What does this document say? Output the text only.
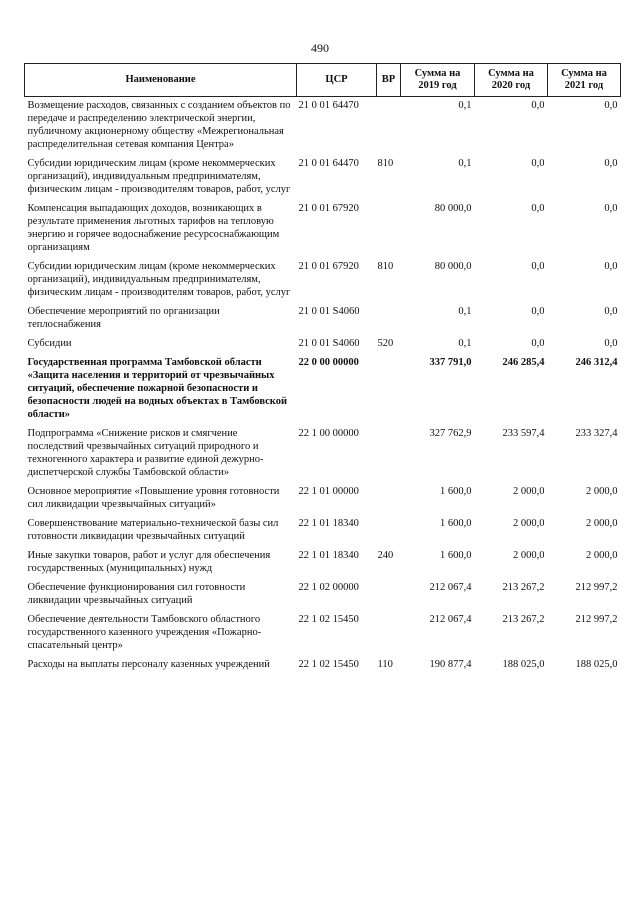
490
Наименование	ЦСР	ВР	Сумма на 2019 год	Сумма на 2020 год	Сумма на 2021 год
Возмещение расходов, связанных с созданием объектов по передаче и распределению электрической энергии, публичному акционерному обществу «Межрегиональная распределительная сетевая компания Центра»	21 0 01 64470		0,1	0,0	0,0
Субсидии юридическим лицам (кроме некоммерческих организаций), индивидуальным предпринимателям, физическим лицам - производителям товаров, работ, услуг	21 0 01 64470	810	0,1	0,0	0,0
Компенсация выпадающих доходов, возникающих в результате применения льготных тарифов на тепловую энергию и горячее водоснабжение ресурсоснабжающим организациям	21 0 01 67920		80 000,0	0,0	0,0
Субсидии юридическим лицам (кроме некоммерческих организаций), индивидуальным предпринимателям, физическим лицам - производителям товаров, работ, услуг	21 0 01 67920	810	80 000,0	0,0	0,0
Обеспечение мероприятий по организации теплоснабжения	21 0 01 S4060		0,1	0,0	0,0
Субсидии	21 0 01 S4060	520	0,1	0,0	0,0
Государственная программа Тамбовской области «Защита населения и территорий от чрезвычайных ситуаций, обеспечение пожарной безопасности и безопасности людей на водных объектах в Тамбовской области»	22 0 00 00000		337 791,0	246 285,4	246 312,4
Подпрограмма «Снижение рисков и смягчение последствий чрезвычайных ситуаций природного и техногенного характера и развитие единой дежурно-диспетчерской службы Тамбовской области»	22 1 00 00000		327 762,9	233 597,4	233 327,4
Основное мероприятие «Повышение уровня готовности сил ликвидации чрезвычайных ситуаций»	22 1 01 00000		1 600,0	2 000,0	2 000,0
Совершенствование материально-технической базы сил готовности ликвидации чрезвычайных ситуаций	22 1 01 18340		1 600,0	2 000,0	2 000,0
Иные закупки товаров, работ и услуг для обеспечения государственных (муниципальных) нужд	22 1 01 18340	240	1 600,0	2 000,0	2 000,0
Обеспечение функционирования сил готовности ликвидации чрезвычайных ситуаций	22 1 02 00000		212 067,4	213 267,2	212 997,2
Обеспечение деятельности Тамбовского областного государственного казенного учреждения «Пожарно-спасательный центр»	22 1 02 15450		212 067,4	213 267,2	212 997,2
Расходы на выплаты персоналу казенных учреждений	22 1 02 15450	110	190 877,4	188 025,0	188 025,0
